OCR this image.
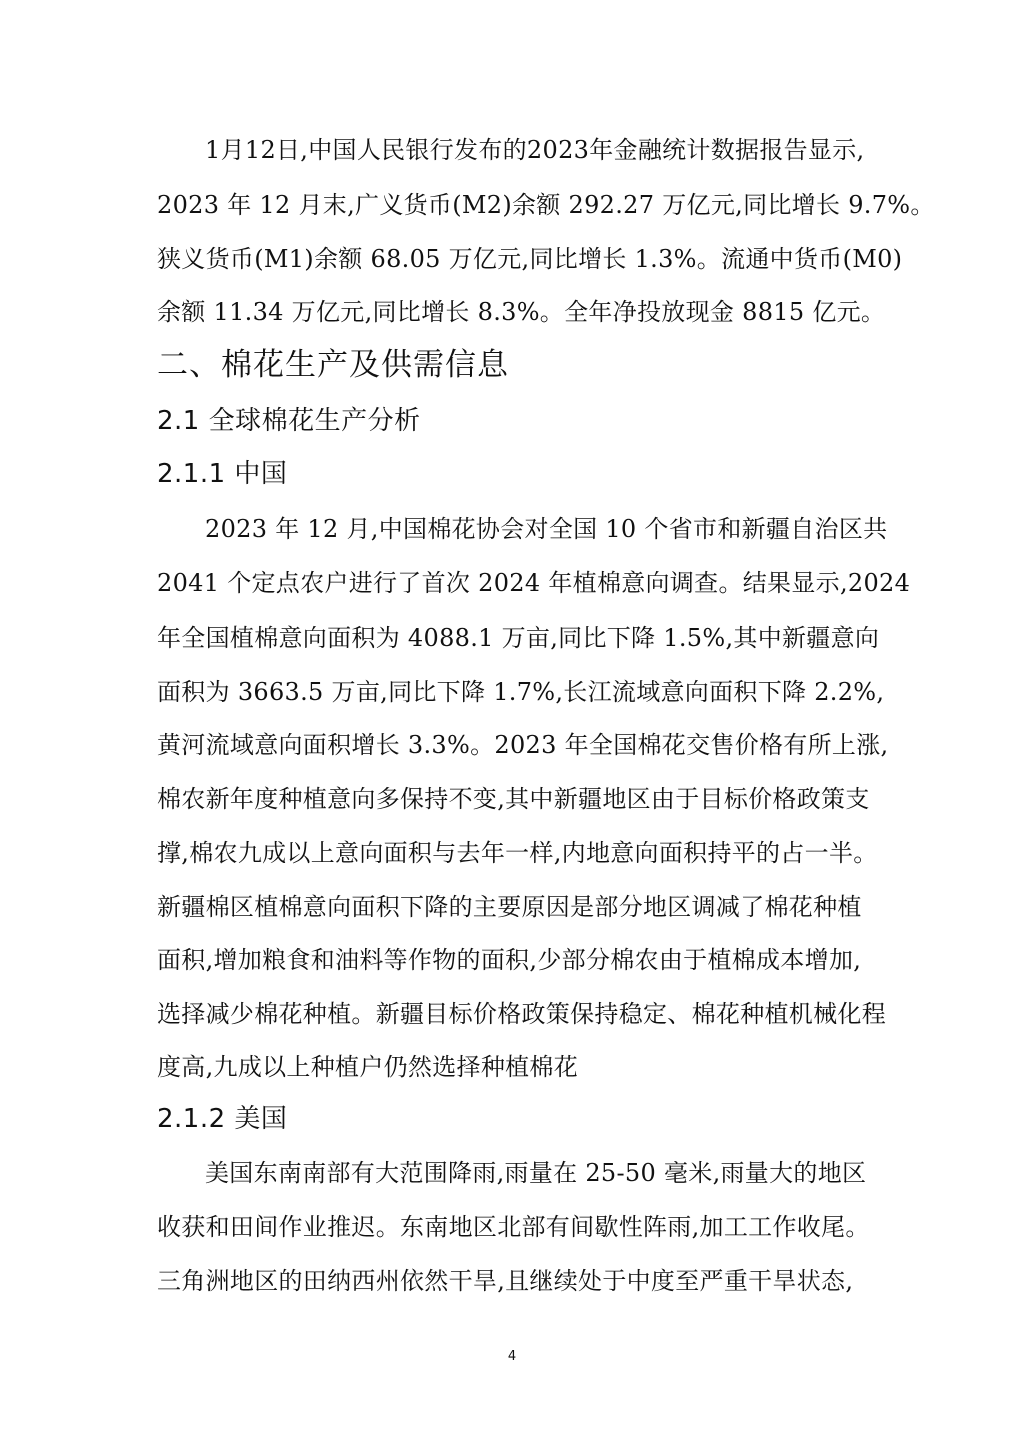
1月12日,中国人民银行发布的2023年金融统计数据报告显示,
2023 年 12 月末,广义货币(M2)余额 292.27 万亿元,同比增长 9.7%。
狭义货币(M1)余额 68.05 万亿元,同比增长 1.3%。流通中货币(M0)
余额 11.34 万亿元,同比增长 8.3%。全年净投放现金 8815 亿元。
二、棉花生产及供需信息
2.1 全球棉花生产分析
2.1.1 中国
2023 年 12 月,中国棉花协会对全国 10 个省市和新疆自治区共
2041 个定点农户进行了首次 2024 年植棉意向调查。结果显示,2024
年全国植棉意向面积为 4088.1 万亩,同比下降 1.5%,其中新疆意向
面积为 3663.5 万亩,同比下降 1.7%,长江流域意向面积下降 2.2%,
黄河流域意向面积增长 3.3%。2023 年全国棉花交售价格有所上涨,
棉农新年度种植意向多保持不变,其中新疆地区由于目标价格政策支
撑,棉农九成以上意向面积与去年一样,内地意向面积持平的占一半。
新疆棉区植棉意向面积下降的主要原因是部分地区调减了棉花种植
面积,增加粮食和油料等作物的面积,少部分棉农由于植棉成本增加,
选择减少棉花种植。新疆目标价格政策保持稳定、棉花种植机械化程
度高,九成以上种植户仍然选择种植棉花
2.1.2 美国
美国东南南部有大范围降雨,雨量在 25-50 毫米,雨量大的地区
收获和田间作业推迟。东南地区北部有间歇性阵雨,加工工作收尾。
三角洲地区的田纳西州依然干旱,且继续处于中度至严重干旱状态,
4
